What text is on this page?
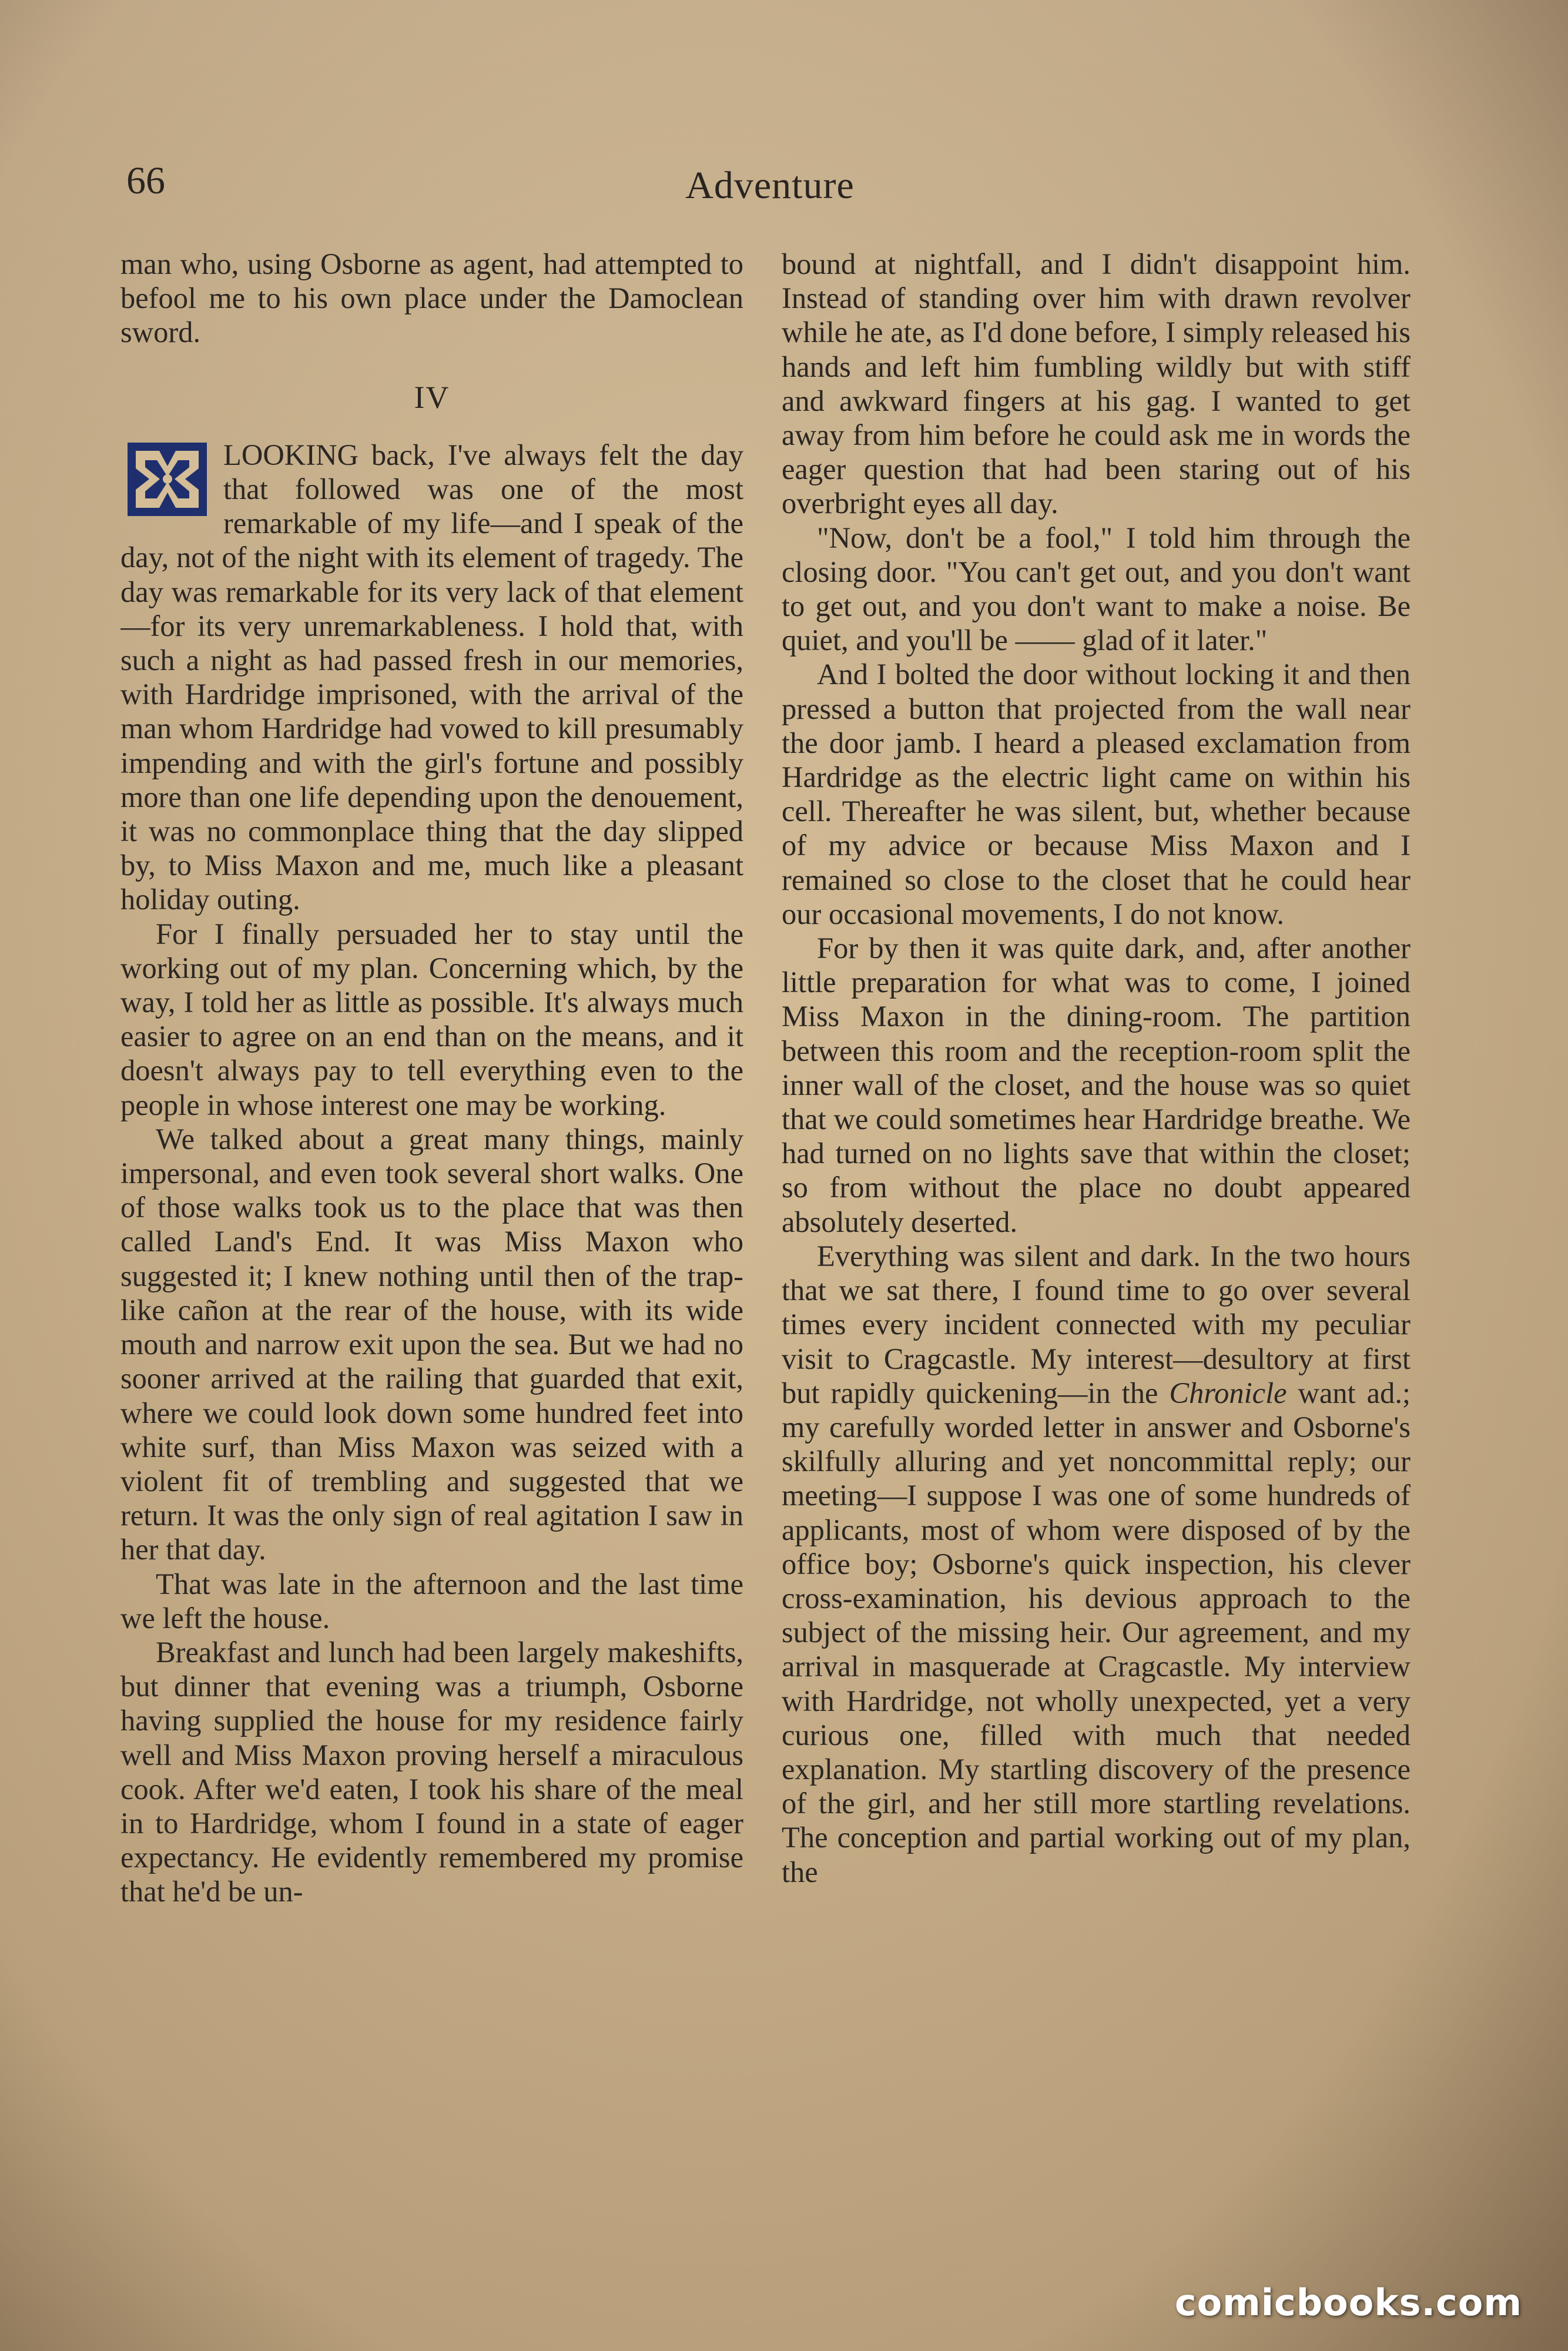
66	Adventure

man who, using Osborne as agent, had attempted to befool me to his own place under the Damoclean sword.

IV

LOOKING back, I've always felt the day that followed was one of the most remarkable of my life—and I speak of the day, not of the night with its element of tragedy. The day was remarkable for its very lack of that element—for its very unremarkableness. I hold that, with such a night as had passed fresh in our memories, with Hardridge imprisoned, with the arrival of the man whom Hardridge had vowed to kill presumably impending and with the girl's fortune and possibly more than one life depending upon the denouement, it was no commonplace thing that the day slipped by, to Miss Maxon and me, much like a pleasant holiday outing.

For I finally persuaded her to stay until the working out of my plan. Concerning which, by the way, I told her as little as possible. It's always much easier to agree on an end than on the means, and it doesn't always pay to tell everything even to the people in whose interest one may be working.

We talked about a great many things, mainly impersonal, and even took several short walks. One of those walks took us to the place that was then called Land's End. It was Miss Maxon who suggested it; I knew nothing until then of the trap-like cañon at the rear of the house, with its wide mouth and narrow exit upon the sea. But we had no sooner arrived at the railing that guarded that exit, where we could look down some hundred feet into white surf, than Miss Maxon was seized with a violent fit of trembling and suggested that we return. It was the only sign of real agitation I saw in her that day.

That was late in the afternoon and the last time we left the house.

Breakfast and lunch had been largely makeshifts, but dinner that evening was a triumph, Osborne having supplied the house for my residence fairly well and Miss Maxon proving herself a miraculous cook. After we'd eaten, I took his share of the meal in to Hardridge, whom I found in a state of eager expectancy. He evidently remembered my promise that he'd be un-

bound at nightfall, and I didn't disappoint him. Instead of standing over him with drawn revolver while he ate, as I'd done before, I simply released his hands and left him fumbling wildly but with stiff and awkward fingers at his gag. I wanted to get away from him before he could ask me in words the eager question that had been staring out of his overbright eyes all day.

"Now, don't be a fool," I told him through the closing door. "You can't get out, and you don't want to get out, and you don't want to make a noise. Be quiet, and you'll be —— glad of it later."

And I bolted the door without locking it and then pressed a button that projected from the wall near the door jamb. I heard a pleased exclamation from Hardridge as the electric light came on within his cell. Thereafter he was silent, but, whether because of my advice or because Miss Maxon and I remained so close to the closet that he could hear our occasional movements, I do not know.

For by then it was quite dark, and, after another little preparation for what was to come, I joined Miss Maxon in the dining-room. The partition between this room and the reception-room split the inner wall of the closet, and the house was so quiet that we could sometimes hear Hardridge breathe. We had turned on no lights save that within the closet; so from without the place no doubt appeared absolutely deserted.

Everything was silent and dark. In the two hours that we sat there, I found time to go over several times every incident connected with my peculiar visit to Cragcastle. My interest—desultory at first but rapidly quickening—in the Chronicle want ad.; my carefully worded letter in answer and Osborne's skilfully alluring and yet noncommittal reply; our meeting—I suppose I was one of some hundreds of applicants, most of whom were disposed of by the office boy; Osborne's quick inspection, his clever cross-examination, his devious approach to the subject of the missing heir. Our agreement, and my arrival in masquerade at Cragcastle. My interview with Hardridge, not wholly unexpected, yet a very curious one, filled with much that needed explanation. My startling discovery of the presence of the girl, and her still more startling revelations. The conception and partial working out of my plan, the

comicbooks.com
